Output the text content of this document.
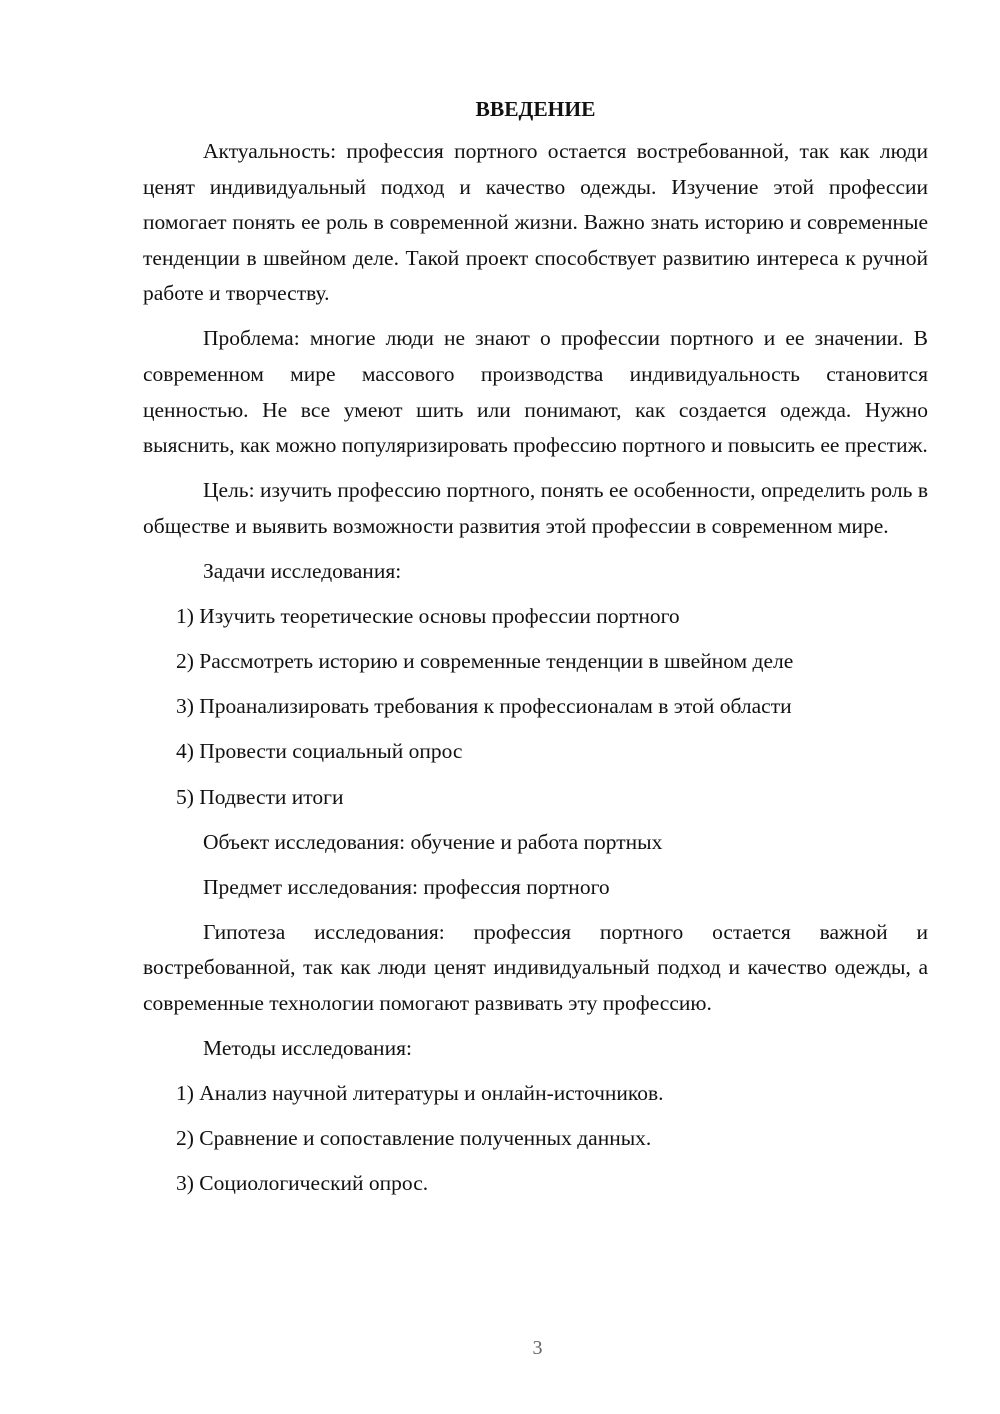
ВВЕДЕНИЕ

Актуальность: профессия портного остается востребованной, так как люди ценят индивидуальный подход и качество одежды. Изучение этой профессии помогает понять ее роль в современной жизни. Важно знать историю и современные тенденции в швейном деле. Такой проект способствует развитию интереса к ручной работе и творчеству.

Проблема: многие люди не знают о профессии портного и ее значении. В современном мире массового производства индивидуальность становится ценностью. Не все умеют шить или понимают, как создается одежда. Нужно выяснить, как можно популяризировать профессию портного и повысить ее престиж.

Цель: изучить профессию портного, понять ее особенности, определить роль в обществе и выявить возможности развития этой профессии в современном мире.

Задачи исследования:
1) Изучить теоретические основы профессии портного
2) Рассмотреть историю и современные тенденции в швейном деле
3) Проанализировать требования к профессионалам в этой области
4) Провести социальный опрос
5) Подвести итоги
Объект исследования: обучение и работа портных
Предмет исследования: профессия портного

Гипотеза исследования: профессия портного остается важной и востребованной, так как люди ценят индивидуальный подход и качество одежды, а современные технологии помогают развивать эту профессию.

Методы исследования:
1) Анализ научной литературы и онлайн-источников.
2) Сравнение и сопоставление полученных данных.
3) Социологический опрос.
3
